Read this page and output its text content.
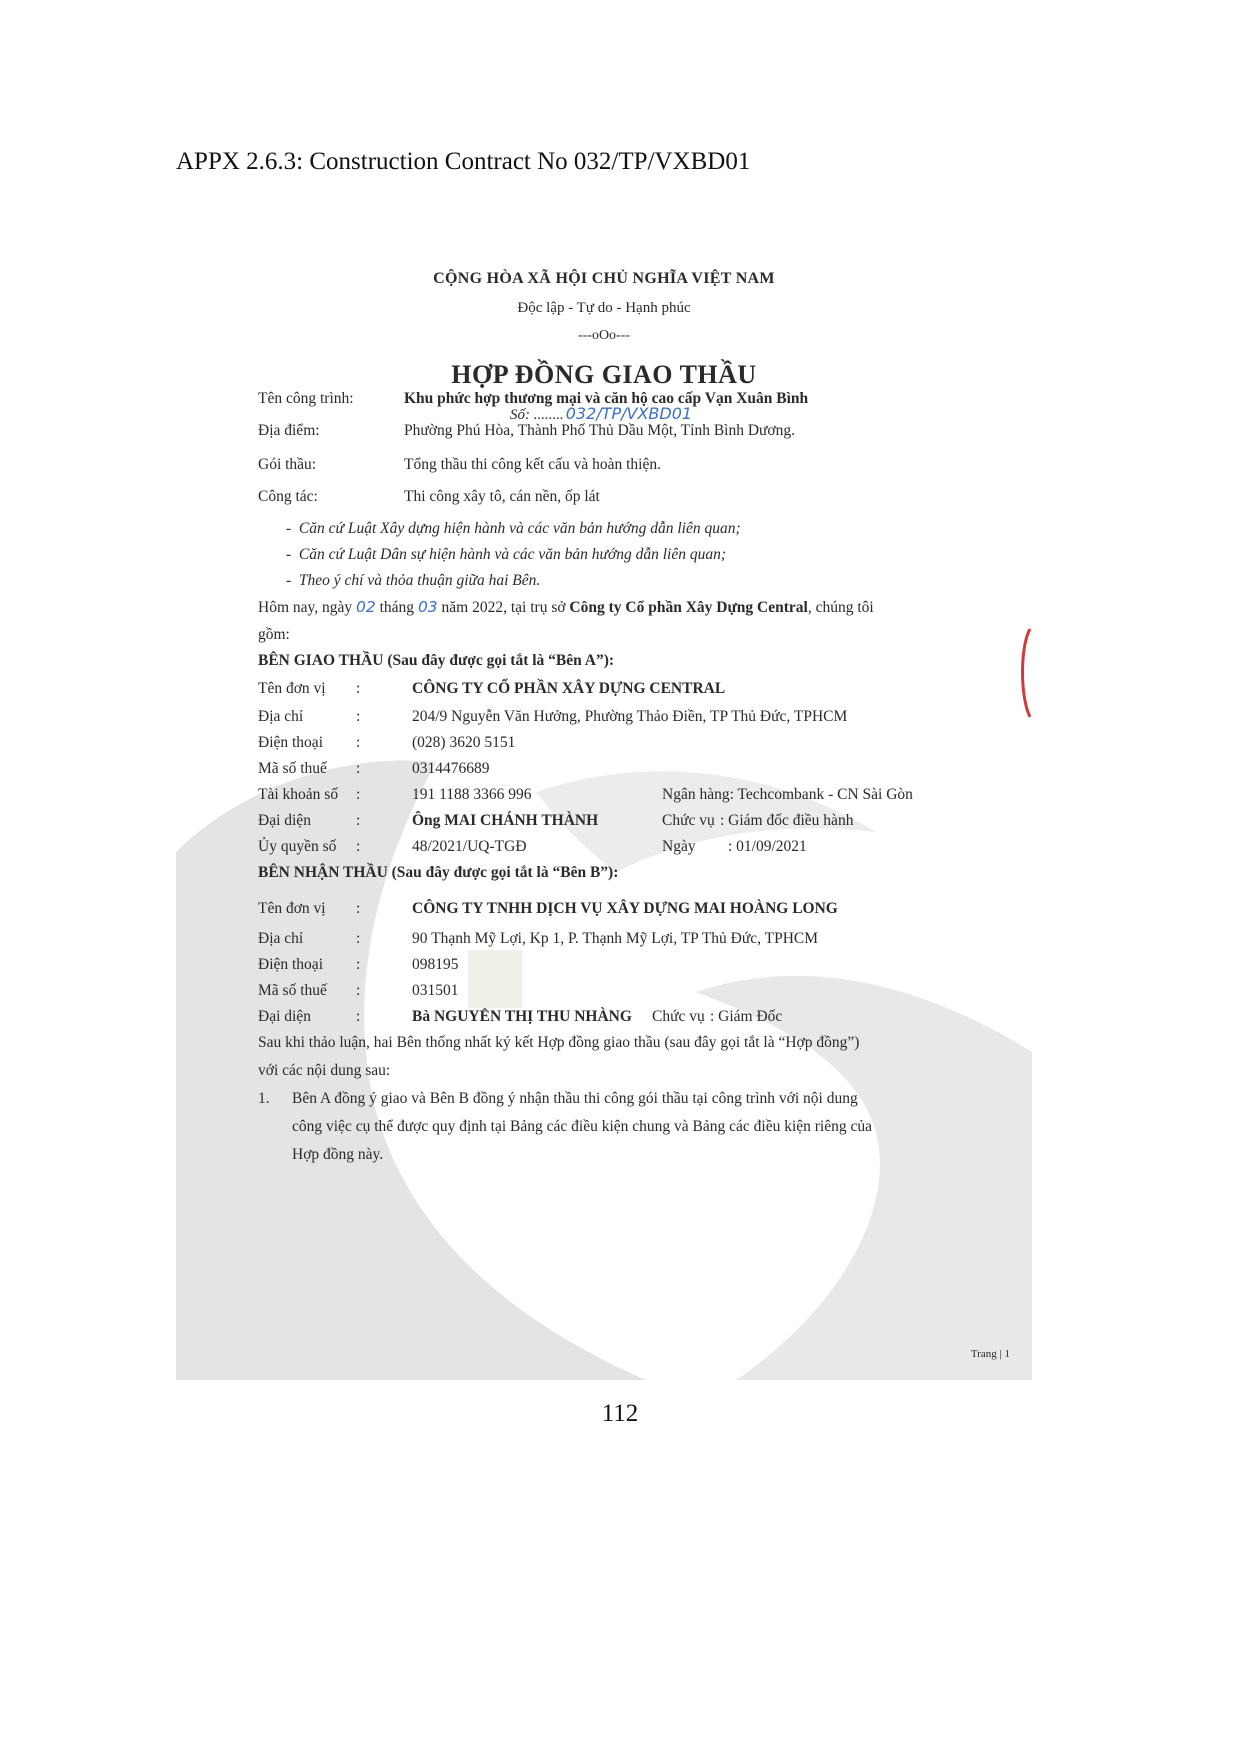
APPX 2.6.3: Construction Contract No 032/TP/VXBD01
CỘNG HÒA XÃ HỘI CHỦ NGHĨA VIỆT NAM
Độc lập - Tự do - Hạnh phúc
---oOo---
HỢP ĐỒNG GIAO THẦU
Số: ........ 032/TP/VXBD01
Tên công trình:	Khu phức hợp thương mại và căn hộ cao cấp Vạn Xuân Bình
Địa điểm:	Phường Phú Hòa, Thành Phố Thủ Dầu Một, Tỉnh Bình Dương.
Gói thầu:	Tổng thầu thi công kết cấu và hoàn thiện.
Công tác:	Thi công xây tô, cán nền, ốp lát
-  Căn cứ Luật Xây dựng hiện hành và các văn bản hướng dẫn liên quan;
-  Căn cứ Luật Dân sự hiện hành và các văn bản hướng dẫn liên quan;
-  Theo ý chí và thỏa thuận giữa hai Bên.
Hôm nay, ngày 02 tháng 03 năm 2022, tại trụ sở Công ty Cổ phần Xây Dựng Central, chúng tôi
gồm:
BÊN GIAO THẦU (Sau đây được gọi tắt là “Bên A”):
Tên đơn vị :	CÔNG TY CỔ PHẦN XÂY DỰNG CENTRAL
Địa chỉ	:	204/9 Nguyễn Văn Hưởng, Phường Thảo Điền, TP Thủ Đức, TPHCM
Điện thoại :	(028) 3620 5151
Mã số thuế :	0314476689
Tài khoản số :	191 1188 3366 996	Ngân hàng: Techcombank - CN Sài Gòn
Đại diện	:	Ông MAI CHÁNH THÀNH	Chức vụ : Giám đốc điều hành
Ủy quyền số :	48/2021/UQ-TGĐ	Ngày : 01/09/2021
BÊN NHẬN THẦU (Sau đây được gọi tắt là “Bên B”):
Tên đơn vị :	CÔNG TY TNHH DỊCH VỤ XÂY DỰNG MAI HOÀNG LONG
Địa chỉ	:	90 Thạnh Mỹ Lợi, Kp 1, P. Thạnh Mỹ Lợi, TP Thủ Đức, TPHCM
Điện thoại :	098195
Mã số thuế :	031501
Đại diện	:	Bà NGUYỄN THỊ THU NHÀNG Chức vụ : Giám Đốc
Sau khi thảo luận, hai Bên thống nhất ký kết Hợp đồng giao thầu (sau đây gọi tắt là “Hợp đồng”)
với các nội dung sau:
1. Bên A đồng ý giao và Bên B đồng ý nhận thầu thi công gói thầu tại công trình với nội dung
công việc cụ thể được quy định tại Bảng các điều kiện chung và Bảng các điều kiện riêng của
Hợp đồng này.
Trang | 1
112
